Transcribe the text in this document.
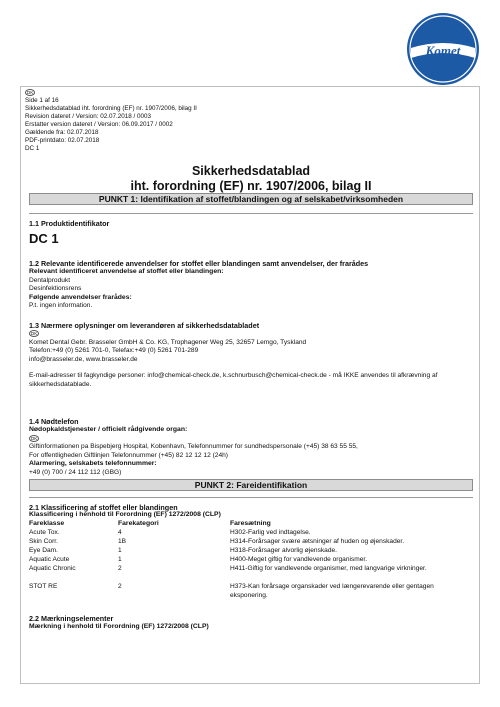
Komet
DK
Side 1 af 16
Sikkerhedsdatablad iht. forordning (EF) nr. 1907/2006, bilag II
Revision dateret / Version: 02.07.2018 / 0003
Erstatter version dateret / Version: 06.09.2017 / 0002
Gældende fra: 02.07.2018
PDF-printdato: 02.07.2018
DC 1
Sikkerhedsdatablad
iht. forordning (EF) nr. 1907/2006, bilag II
PUNKT 1: Identifikation af stoffet/blandingen og af selskabet/virksomheden
1.1 Produktidentifikator
DC 1
1.2 Relevante identificerede anvendelser for stoffet eller blandingen samt anvendelser, der frarådes
Relevant identificeret anvendelse af stoffet eller blandingen:
Dentalprodukt
Desinfektionsrens
Følgende anvendelser frarådes:
P.t. ingen information.
1.3 Nærmere oplysninger om leverandøren af sikkerhedsdatabladet
DK
Komet Dental Gebr. Brasseler GmbH & Co. KG, Trophagener Weg 25, 32657 Lemgo, Tyskland
Telefon:+49 (0) 5261 701-0, Telefax:+49 (0) 5261 701-289
info@brasseler.de, www.brasseler.de
E-mail-adresser til fagkyndige personer: info@chemical-check.de, k.schnurbusch@chemical-check.de - må IKKE anvendes til afkrævning af
sikkerhedsdatablade.
1.4 Nødtelefon
Nødopkaldstjenester / officielt rådgivende organ:
DK
Giftinformationen pa Bispebjerg Hospital, Kobenhavn, Telefonnummer for sundhedspersonale (+45) 38 63 55 55,
For offentligheden Giftlinjen Telefonnummer (+45) 82 12 12 12 (24h)
Alarmering, selskabets telefonnummer:
+49 (0) 700 / 24 112 112 (GBG)
PUNKT 2: Fareidentifikation
2.1 Klassificering af stoffet eller blandingen
Klassificering i henhold til Forordning (EF) 1272/2008 (CLP)
Fareklasse	Farekategori	Faresætning
Acute Tox.	4	H302-Farlig ved indtagelse.
Skin Corr.	1B	H314-Forårsager svære ætsninger af huden og øjenskader.
Eye Dam.	1	H318-Forårsager alvorlig øjenskade.
Aquatic Acute	1	H400-Meget giftig for vandlevende organismer.
Aquatic Chronic	2	H411-Giftig for vandlevende organismer, med langvarige virkninger.
STOT RE	2	H373-Kan forårsage organskader ved længerevarende eller gentagen eksponering.
2.2 Mærkningselementer
Mærkning i henhold til Forordning (EF) 1272/2008 (CLP)
